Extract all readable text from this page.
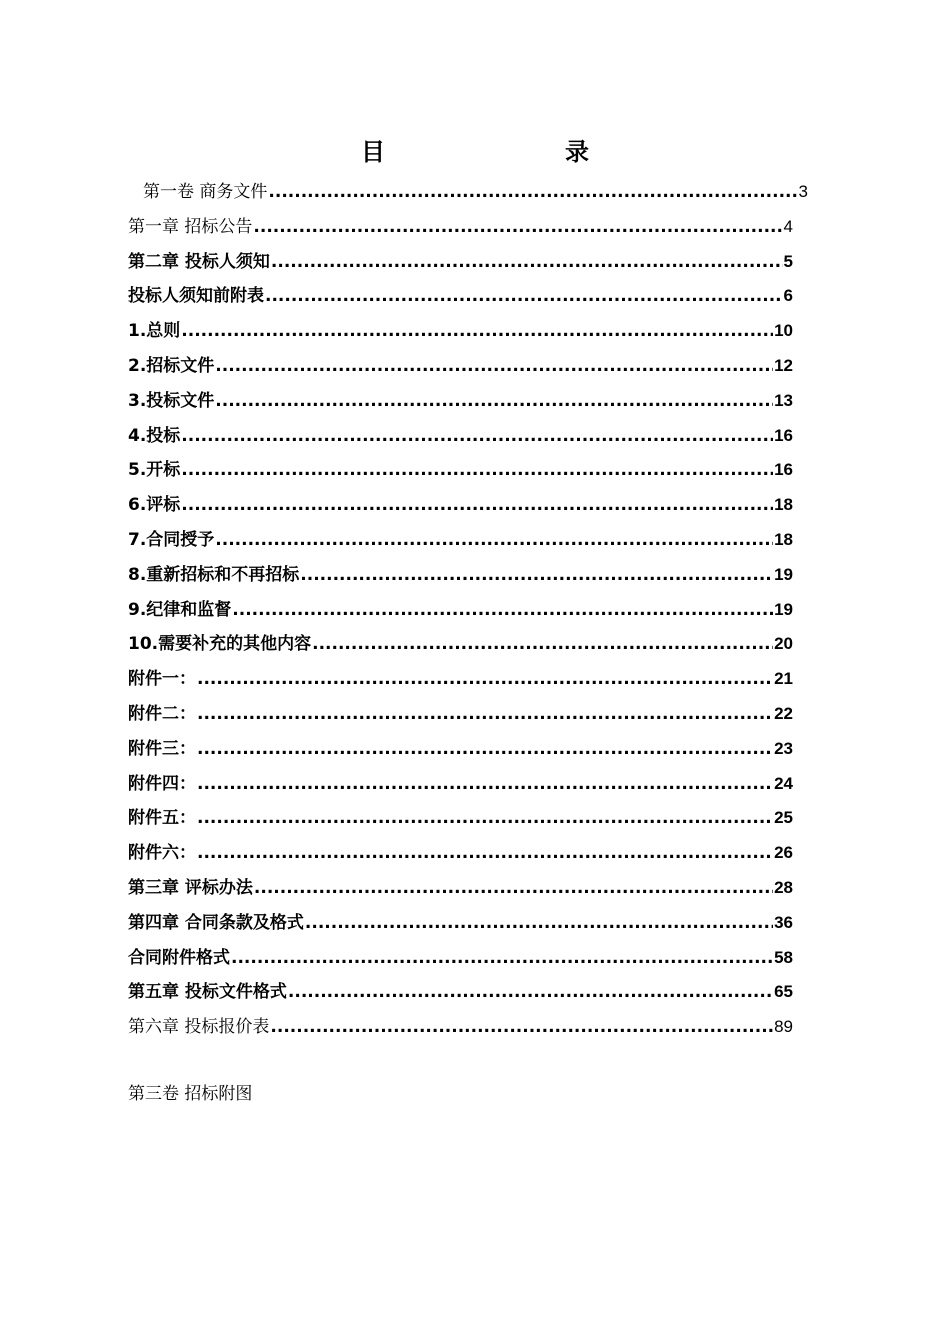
目　　录
第一卷 商务文件 .....	3
第一章 招标公告 .....	4
第二章 投标人须知 .....	5
投标人须知前附表 .....	6
1.总则 .....	10
2.招标文件 .....	12
3.投标文件 .....	13
4.投标 .....	16
5.开标 .....	16
6.评标 .....	18
7.合同授予 .....	18
8.重新招标和不再招标 .....	19
9.纪律和监督 .....	19
10.需要补充的其他内容 .....	20
附件一： .....	21
附件二： .....	22
附件三： .....	23
附件四： .....	24
附件五： .....	25
附件六： .....	26
第三章 评标办法 .....	28
第四章 合同条款及格式 .....	36
合同附件格式 .....	58
第五章 投标文件格式 .....	65
第六章 投标报价表 .....	89
第三卷 招标附图
